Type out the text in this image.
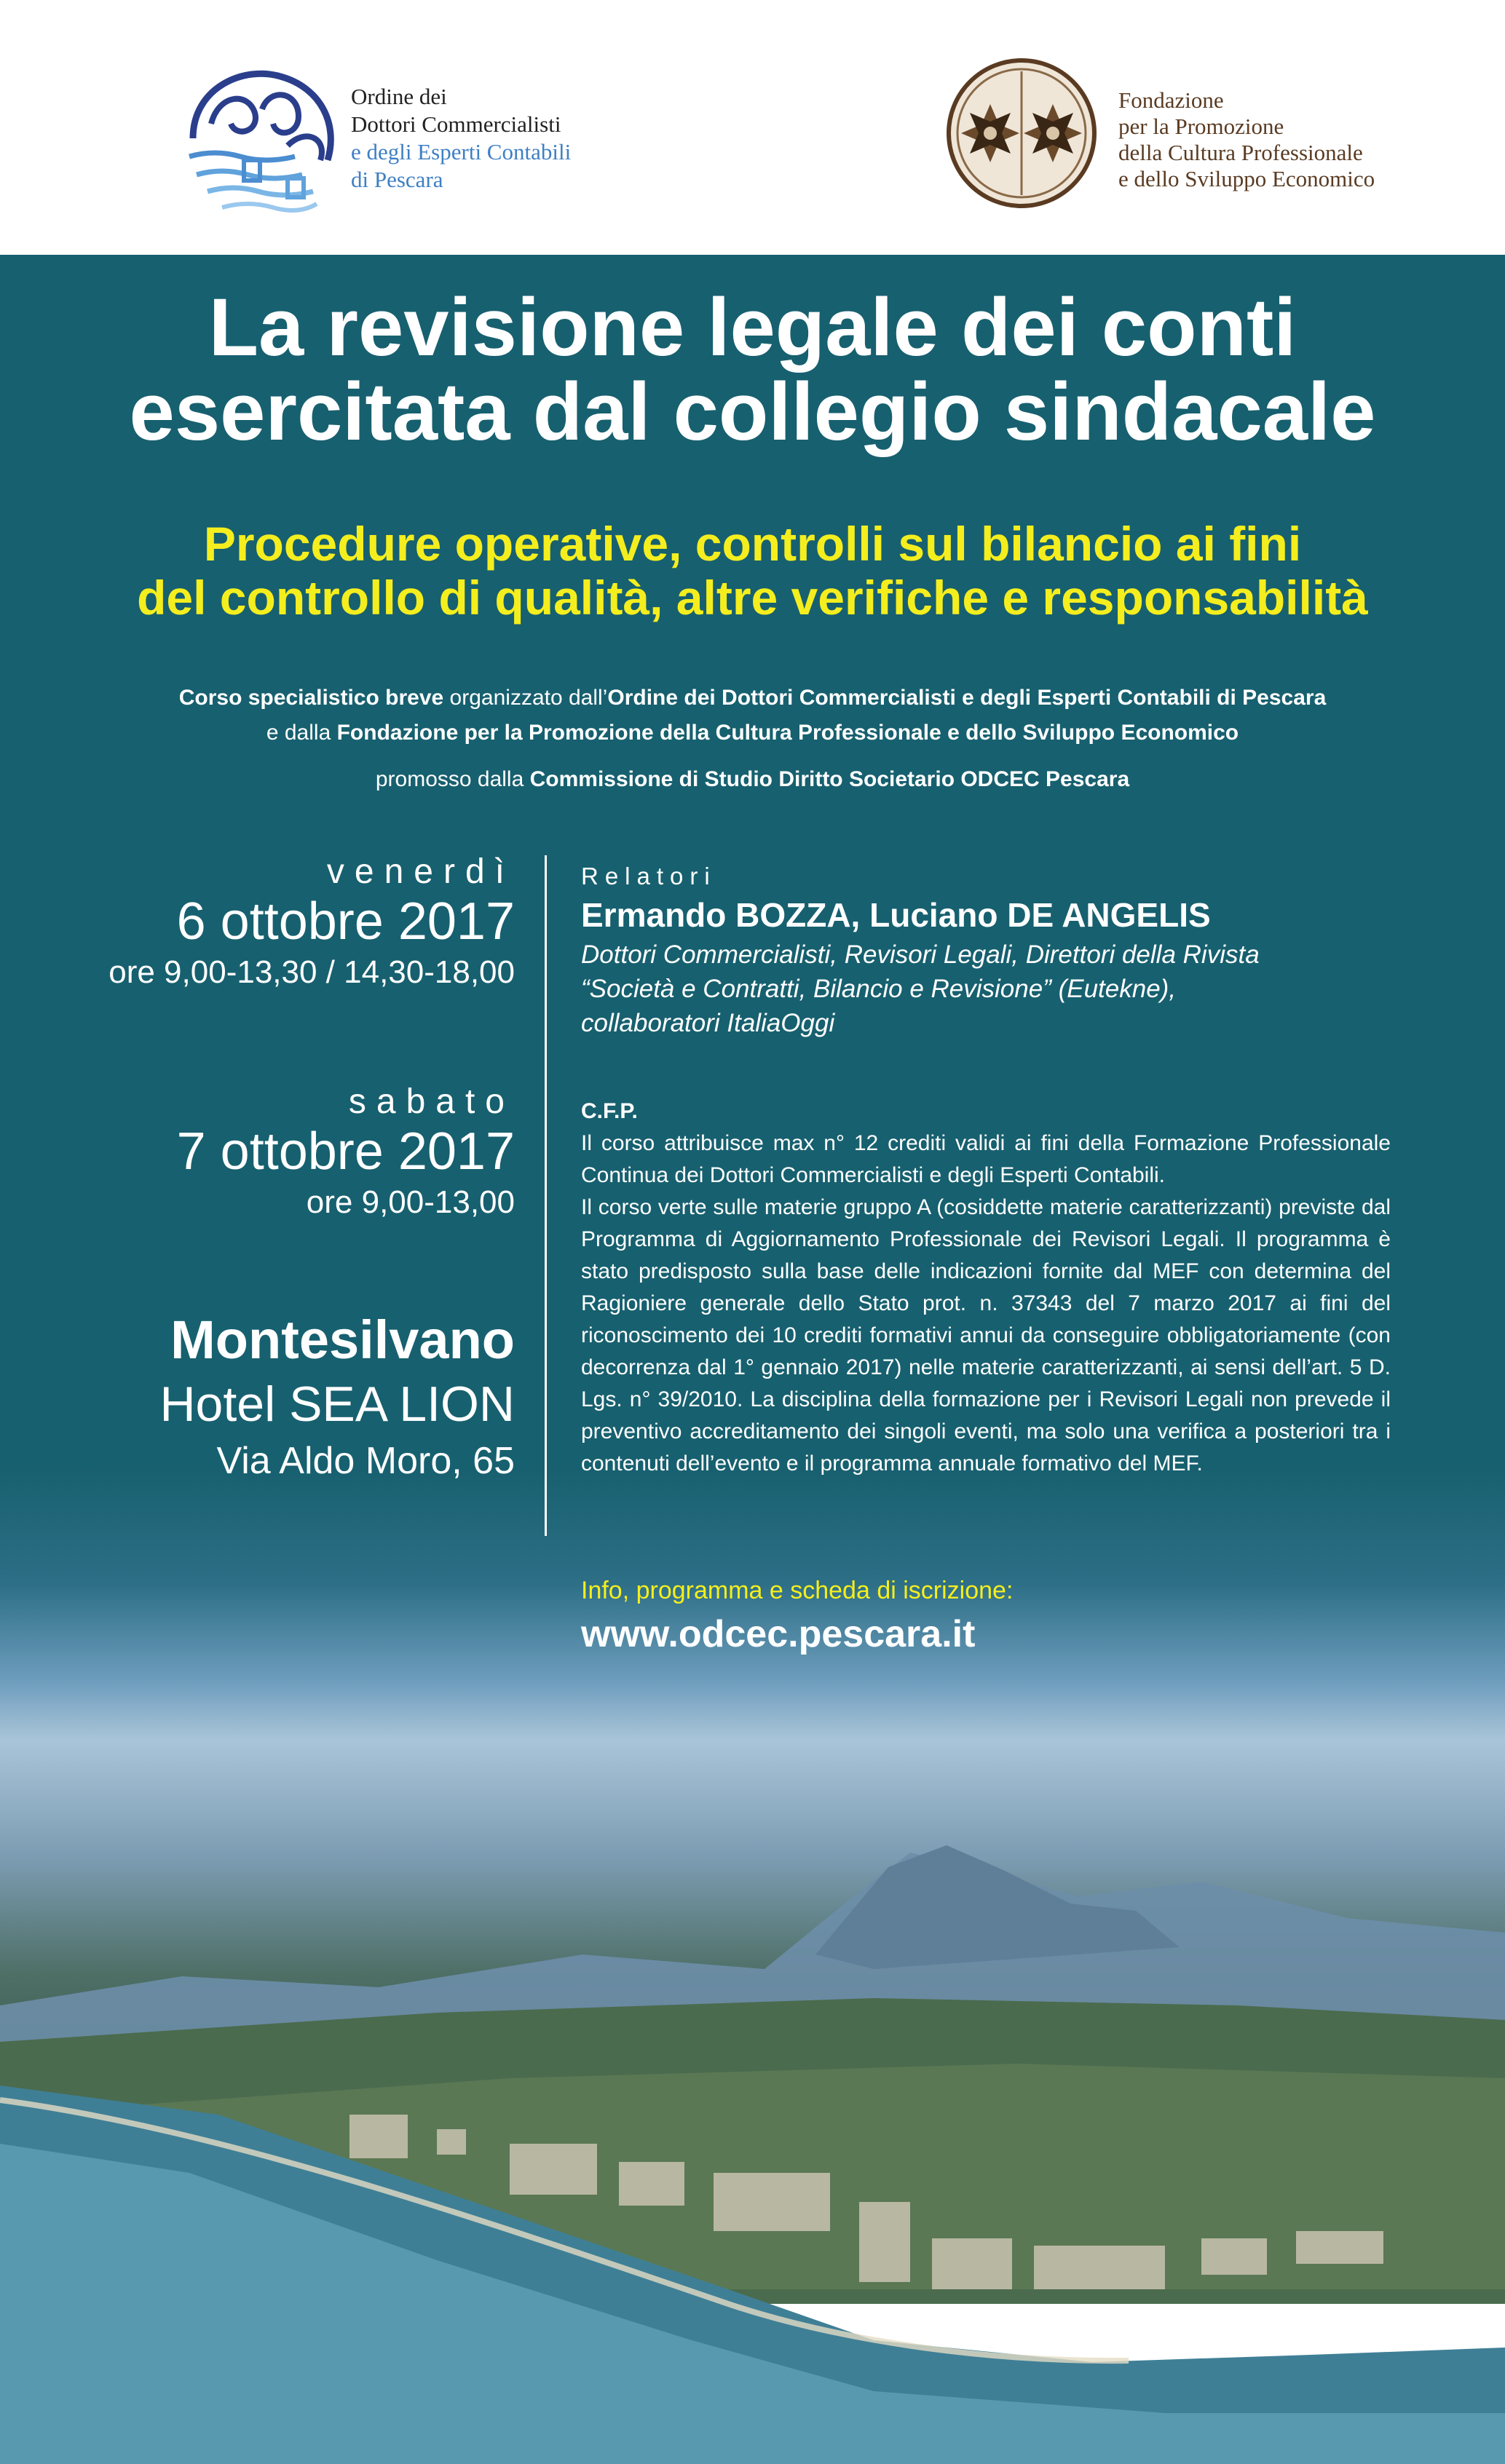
Ordine dei
Dottori Commercialisti
e degli Esperti Contabili
di Pescara
Fondazione
per la Promozione
della Cultura Professionale
e dello Sviluppo Economico
La revisione legale dei conti
esercitata dal collegio sindacale
Procedure operative, controlli sul bilancio ai fini
del controllo di qualità, altre verifiche e responsabilità
Corso specialistico breve organizzato dall’Ordine dei Dottori Commercialisti e degli Esperti Contabili di Pescara
e dalla Fondazione per la Promozione della Cultura Professionale e dello Sviluppo Economico
promosso dalla Commissione di Studio Diritto Societario ODCEC Pescara
venerdì
6 ottobre 2017
ore 9,00-13,30 / 14,30-18,00
sabato
7 ottobre 2017
ore 9,00-13,00
Montesilvano
Hotel SEA LION
Via Aldo Moro, 65
Relatori
Ermando BOZZA, Luciano DE ANGELIS
Dottori Commercialisti, Revisori Legali, Direttori della Rivista
“Società e Contratti, Bilancio e Revisione” (Eutekne),
collaboratori ItaliaOggi
C.F.P.
Il corso attribuisce max n° 12 crediti validi ai fini della Formazione Professionale Continua dei Dottori Commercialisti e degli Esperti Contabili.
Il corso verte sulle materie gruppo A (cosiddette materie caratterizzanti) previste dal Programma di Aggiornamento Professionale dei Revisori Legali. Il programma è stato predisposto sulla base delle indicazioni fornite dal MEF con determina del Ragioniere generale dello Stato prot. n. 37343 del 7 marzo 2017 ai fini del riconoscimento dei 10 crediti formativi annui da conseguire obbligatoriamente (con decorrenza dal 1° gennaio 2017) nelle materie caratterizzanti, ai sensi dell’art. 5 D. Lgs. n° 39/2010. La disciplina della formazione per i Revisori Legali non prevede il preventivo accreditamento dei singoli eventi, ma solo una verifica a posteriori tra i contenuti dell’evento e il programma annuale formativo del MEF.
Info, programma e scheda di iscrizione:
www.odcec.pescara.it
